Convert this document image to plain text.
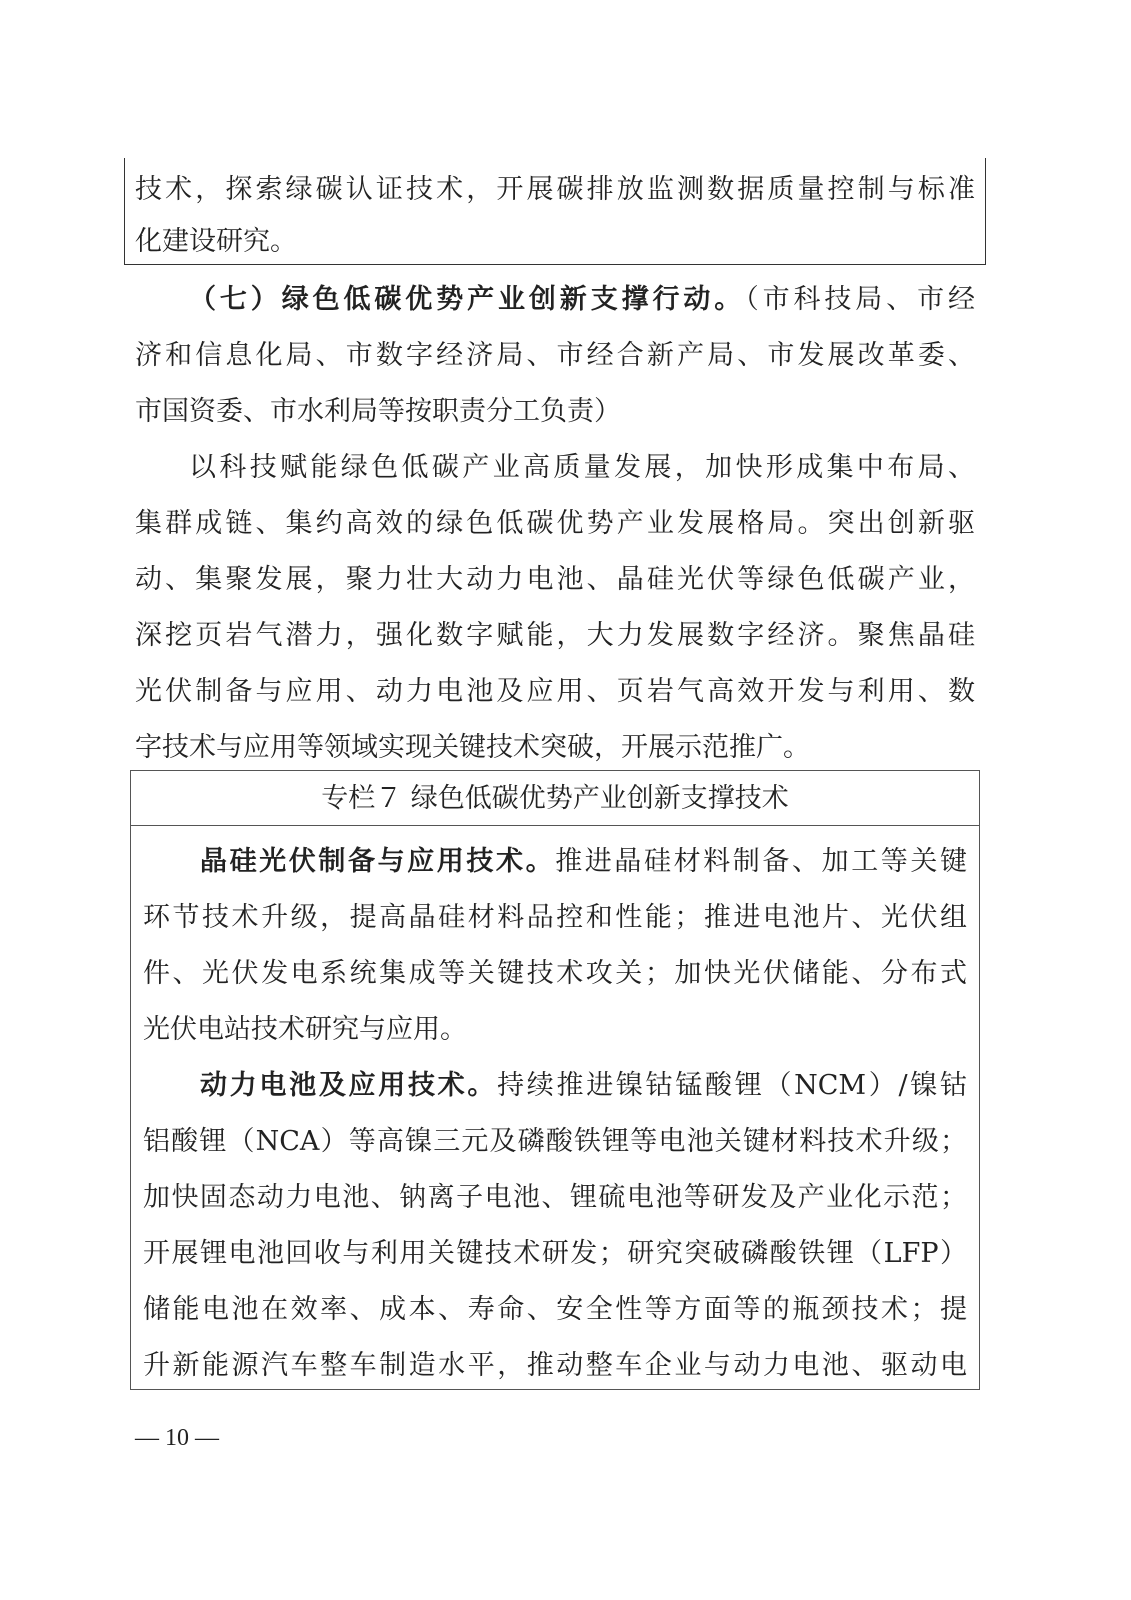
技术，探索绿碳认证技术，开展碳排放监测数据质量控制与标准
化建设研究。
（七）绿色低碳优势产业创新支撑行动。（市科技局、市经
济和信息化局、市数字经济局、市经合新产局、市发展改革委、
市国资委、市水利局等按职责分工负责）
以科技赋能绿色低碳产业高质量发展，加快形成集中布局、
集群成链、集约高效的绿色低碳优势产业发展格局。突出创新驱
动、集聚发展，聚力壮大动力电池、晶硅光伏等绿色低碳产业，
深挖页岩气潜力，强化数字赋能，大力发展数字经济。聚焦晶硅
光伏制备与应用、动力电池及应用、页岩气高效开发与利用、数
字技术与应用等领域实现关键技术突破，开展示范推广。
专栏７ 绿色低碳优势产业创新支撑技术
晶硅光伏制备与应用技术。推进晶硅材料制备、加工等关键
环节技术升级，提高晶硅材料品控和性能；推进电池片、光伏组
件、光伏发电系统集成等关键技术攻关；加快光伏储能、分布式
光伏电站技术研究与应用。
动力电池及应用技术。持续推进镍钴锰酸锂（NCM）/镍钴
铝酸锂（NCA）等高镍三元及磷酸铁锂等电池关键材料技术升级；
加快固态动力电池、钠离子电池、锂硫电池等研发及产业化示范；
开展锂电池回收与利用关键技术研发；研究突破磷酸铁锂（LFP）
储能电池在效率、成本、寿命、安全性等方面等的瓶颈技术；提
升新能源汽车整车制造水平，推动整车企业与动力电池、驱动电
— 10 —
